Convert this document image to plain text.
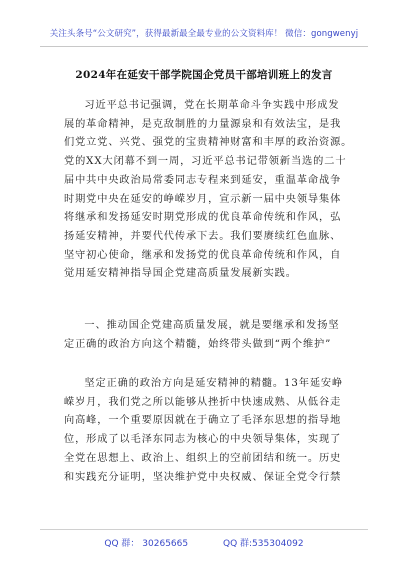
关注头条号“公文研究”，获得最新最全最专业的公文资料库！ 微信：gongwenyj
2024年在延安干部学院国企党员干部培训班上的发言
习近平总书记强调，党在长期革命斗争实践中形成发
展的革命精神，是克敌制胜的力量源泉和有效法宝，是我
们党立党、兴党、强党的宝贵精神财富和丰厚的政治资源。
党的XX大闭幕不到一周，习近平总书记带领新当选的二十
届中共中央政治局常委同志专程来到延安，重温革命战争
时期党中央在延安的峥嵘岁月，宣示新一届中央领导集体
将继承和发扬延安时期党形成的优良革命传统和作风，弘
扬延安精神，并要代代传承下去。我们要赓续红色血脉、
坚守初心使命，继承和发扬党的优良革命传统和作风，自
觉用延安精神指导国企党建高质量发展新实践。
一、推动国企党建高质量发展，就是要继承和发扬坚
定正确的政治方向这个精髓，始终带头做到“两个维护”
坚定正确的政治方向是延安精神的精髓。13年延安峥
嵘岁月，我们党之所以能够从挫折中快速成熟、从低谷走
向高峰，一个重要原因就在于确立了毛泽东思想的指导地
位，形成了以毛泽东同志为核心的中央领导集体，实现了
全党在思想上、政治上、组织上的空前团结和统一。历史
和实践充分证明，坚决维护党中央权威、保证全党令行禁
QQ 群： 30265665	QQ 群:535304092
